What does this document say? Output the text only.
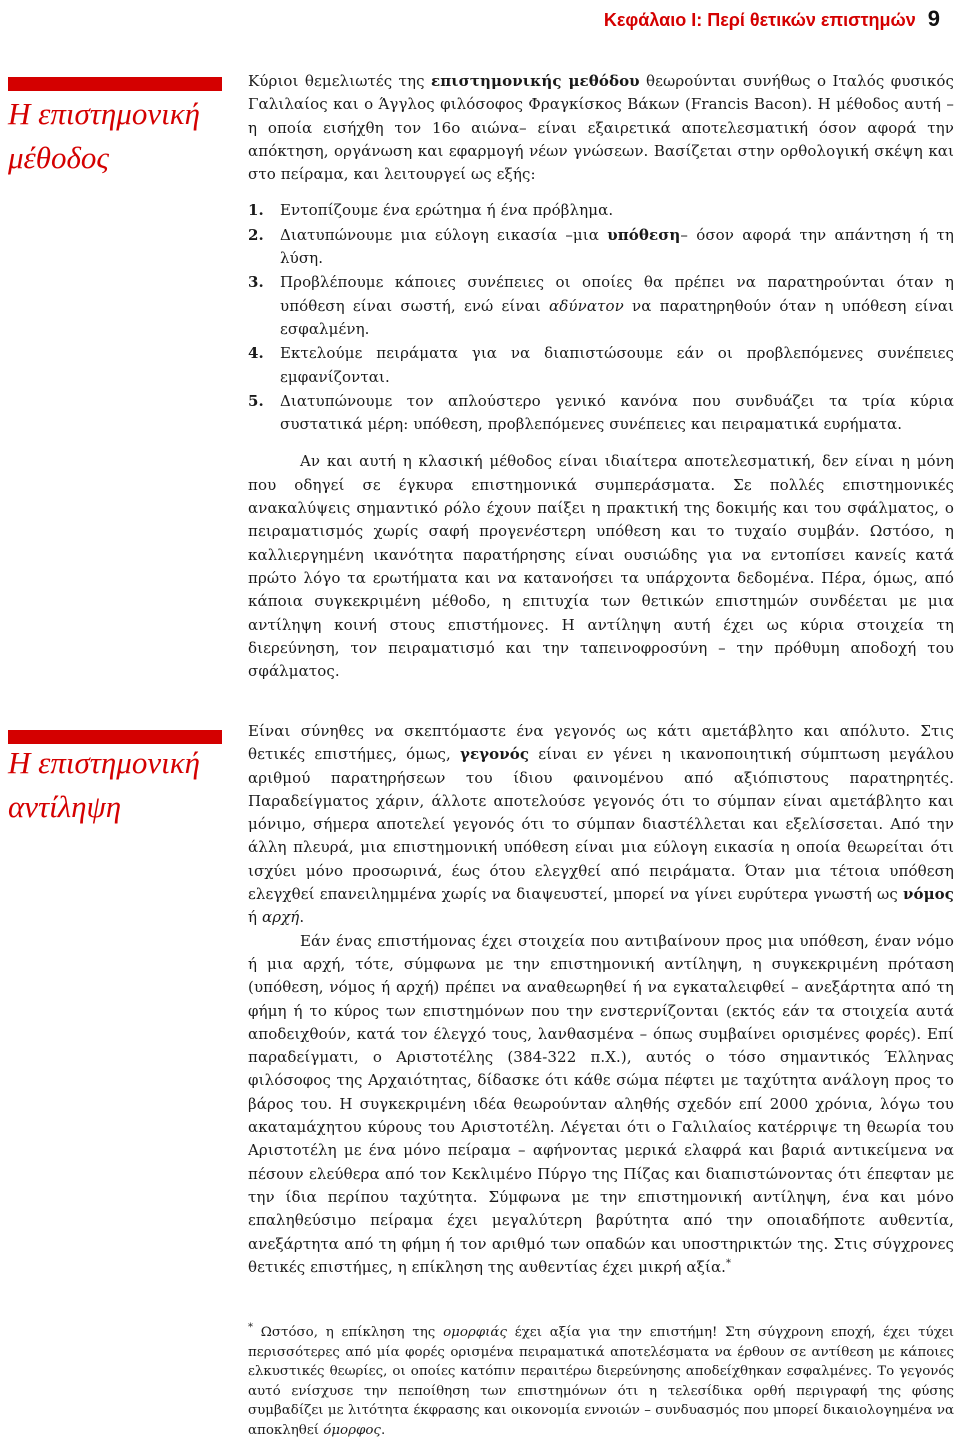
Κεφάλαιο I: Περί θετικών επιστημών 9
Η επιστημονική
μέθοδος

Κύριοι θεμελιωτές της επιστημονικής μεθόδου θεωρούνται συνήθως ο Ιταλός φυσικός Γαλιλαίος και ο Άγγλος φιλόσοφος Φραγκίσκος Βάκων (Francis Bacon). Η μέθοδος αυτή –η οποία εισήχθη τον 16ο αιώνα– είναι εξαιρετικά αποτελεσματική όσον αφορά την απόκτηση, οργάνωση και εφαρμογή νέων γνώσεων. Βασίζεται στην ορθολογική σκέψη και στο πείραμα, και λειτουργεί ως εξής:

1. Εντοπίζουμε ένα ερώτημα ή ένα πρόβλημα.
2. Διατυπώνουμε μια εύλογη εικασία –μια υπόθεση– όσον αφορά την απάντηση ή τη λύση.
3. Προβλέπουμε κάποιες συνέπειες οι οποίες θα πρέπει να παρατηρούνται όταν η υπόθεση είναι σωστή, ενώ είναι αδύνατον να παρατηρηθούν όταν η υπόθεση είναι εσφαλμένη.
4. Εκτελούμε πειράματα για να διαπιστώσουμε εάν οι προβλεπόμενες συνέπειες εμφανίζονται.
5. Διατυπώνουμε τον απλούστερο γενικό κανόνα που συνδυάζει τα τρία κύρια συστατικά μέρη: υπόθεση, προβλεπόμενες συνέπειες και πειραματικά ευρήματα.

Αν και αυτή η κλασική μέθοδος είναι ιδιαίτερα αποτελεσματική, δεν είναι η μόνη που οδηγεί σε έγκυρα επιστημονικά συμπεράσματα. Σε πολλές επιστημονικές ανακαλύψεις σημαντικό ρόλο έχουν παίξει η πρακτική της δοκιμής και του σφάλματος, ο πειραματισμός χωρίς σαφή προγενέστερη υπόθεση και το τυχαίο συμβάν. Ωστόσο, η καλλιεργημένη ικανότητα παρατήρησης είναι ουσιώδης για να εντοπίσει κανείς κατά πρώτο λόγο τα ερωτήματα και να κατανοήσει τα υπάρχοντα δεδομένα. Πέρα, όμως, από κάποια συγκεκριμένη μέθοδο, η επιτυχία των θετικών επιστημών συνδέεται με μια αντίληψη κοινή στους επιστήμονες. Η αντίληψη αυτή έχει ως κύρια στοιχεία τη διερεύνηση, τον πειραματισμό και την ταπεινοφροσύνη – την πρόθυμη αποδοχή του σφάλματος.

Η επιστημονική
αντίληψη

Είναι σύνηθες να σκεπτόμαστε ένα γεγονός ως κάτι αμετάβλητο και απόλυτο. Στις θετικές επιστήμες, όμως, γεγονός είναι εν γένει η ικανοποιητική σύμπτωση μεγάλου αριθμού παρατηρήσεων του ίδιου φαινομένου από αξιόπιστους παρατηρητές. Παραδείγματος χάριν, άλλοτε αποτελούσε γεγονός ότι το σύμπαν είναι αμετάβλητο και μόνιμο, σήμερα αποτελεί γεγονός ότι το σύμπαν διαστέλλεται και εξελίσσεται. Από την άλλη πλευρά, μια επιστημονική υπόθεση είναι μια εύλογη εικασία η οποία θεωρείται ότι ισχύει μόνο προσωρινά, έως ότου ελεγχθεί από πειράματα. Όταν μια τέτοια υπόθεση ελεγχθεί επανειλημμένα χωρίς να διαψευστεί, μπορεί να γίνει ευρύτερα γνωστή ως νόμος ή αρχή.

Εάν ένας επιστήμονας έχει στοιχεία που αντιβαίνουν προς μια υπόθεση, έναν νόμο ή μια αρχή, τότε, σύμφωνα με την επιστημονική αντίληψη, η συγκεκριμένη πρόταση (υπόθεση, νόμος ή αρχή) πρέπει να αναθεωρηθεί ή να εγκαταλειφθεί – ανεξάρτητα από τη φήμη ή το κύρος των επιστημόνων που την ενστερνίζονται (εκτός εάν τα στοιχεία αυτά αποδειχθούν, κατά τον έλεγχό τους, λανθασμένα – όπως συμβαίνει ορισμένες φορές). Επί παραδείγματι, ο Αριστοτέλης (384-322 π.Χ.), αυτός ο τόσο σημαντικός Έλληνας φιλόσοφος της Αρχαιότητας, δίδασκε ότι κάθε σώμα πέφτει με ταχύτητα ανάλογη προς το βάρος του. Η συγκεκριμένη ιδέα θεωρούνταν αληθής σχεδόν επί 2000 χρόνια, λόγω του ακαταμάχητου κύρους του Αριστοτέλη. Λέγεται ότι ο Γαλιλαίος κατέρριψε τη θεωρία του Αριστοτέλη με ένα μόνο πείραμα – αφήνοντας μερικά ελαφρά και βαριά αντικείμενα να πέσουν ελεύθερα από τον Κεκλιμένο Πύργο της Πίζας και διαπιστώνοντας ότι έπεφταν με την ίδια περίπου ταχύτητα. Σύμφωνα με την επιστημονική αντίληψη, ένα και μόνο επαληθεύσιμο πείραμα έχει μεγαλύτερη βαρύτητα από την οποιαδήποτε αυθεντία, ανεξάρτητα από τη φήμη ή τον αριθμό των οπαδών και υποστηρικτών της. Στις σύγχρονες θετικές επιστήμες, η επίκληση της αυθεντίας έχει μικρή αξία.*

* Ωστόσο, η επίκληση της ομορφιάς έχει αξία για την επιστήμη! Στη σύγχρονη εποχή, έχει τύχει περισσότερες από μία φορές ορισμένα πειραματικά αποτελέσματα να έρθουν σε αντίθεση με κάποιες ελκυστικές θεωρίες, οι οποίες κατόπιν περαιτέρω διερεύνησης αποδείχθηκαν εσφαλμένες. Το γεγονός αυτό ενίσχυσε την πεποίθηση των επιστημόνων ότι η τελεσίδικα ορθή περιγραφή της φύσης συμβαδίζει με λιτότητα έκφρασης και οικονομία εννοιών – συνδυασμός που μπορεί δικαιολογημένα να αποκληθεί όμορφος.
